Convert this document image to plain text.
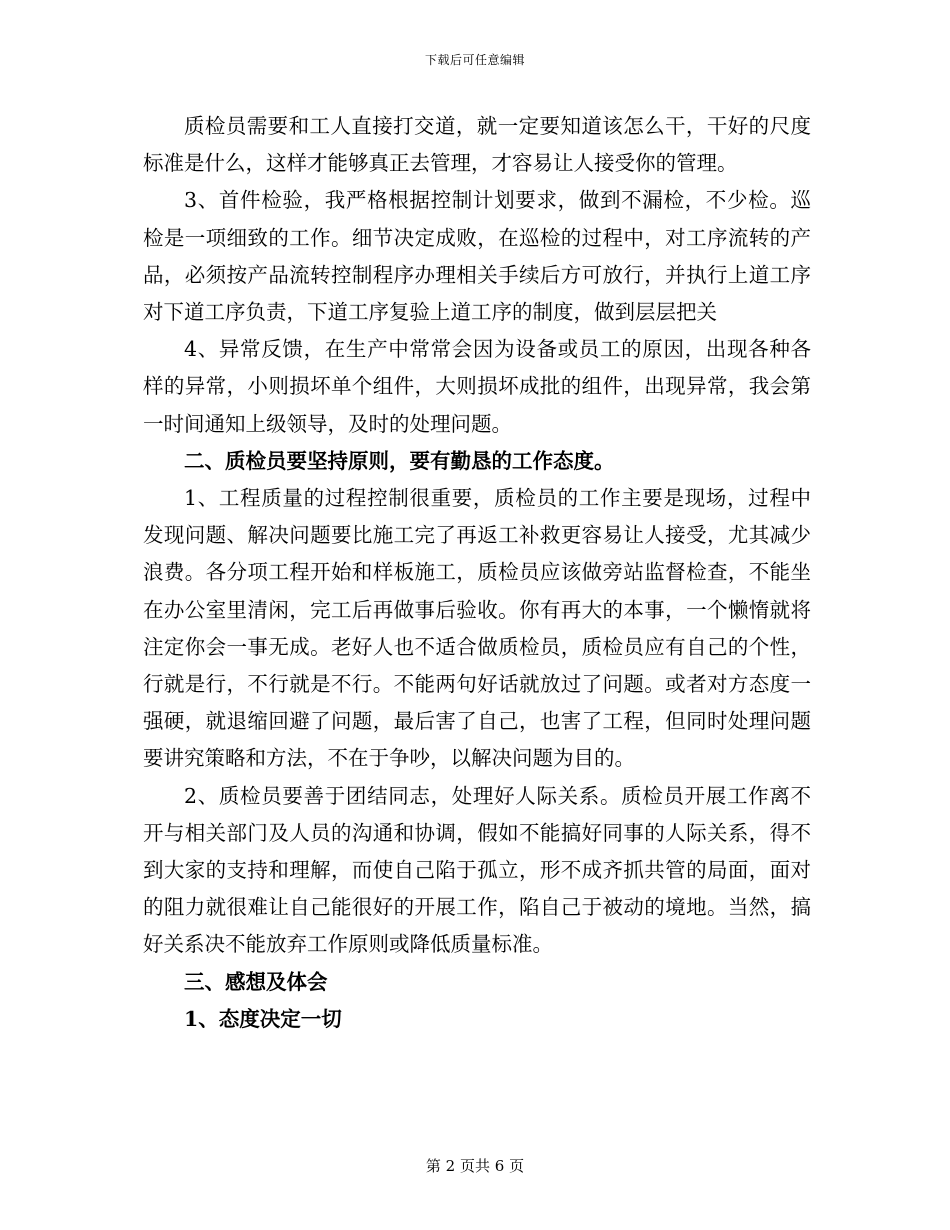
下载后可任意编辑

质检员需要和工人直接打交道，就一定要知道该怎么干，干好的尺度标准是什么，这样才能够真正去管理，才容易让人接受你的管理。

3、首件检验，我严格根据控制计划要求，做到不漏检，不少检。巡检是一项细致的工作。细节决定成败，在巡检的过程中，对工序流转的产品，必须按产品流转控制程序办理相关手续后方可放行，并执行上道工序对下道工序负责，下道工序复验上道工序的制度，做到层层把关

4、异常反馈，在生产中常常会因为设备或员工的原因，出现各种各样的异常，小则损坏单个组件，大则损坏成批的组件，出现异常，我会第一时间通知上级领导，及时的处理问题。

二、质检员要坚持原则，要有勤恳的工作态度。

1、工程质量的过程控制很重要，质检员的工作主要是现场，过程中发现问题、解决问题要比施工完了再返工补救更容易让人接受，尤其减少浪费。各分项工程开始和样板施工，质检员应该做旁站监督检查，不能坐在办公室里清闲，完工后再做事后验收。你有再大的本事，一个懒惰就将注定你会一事无成。老好人也不适合做质检员，质检员应有自己的个性，行就是行，不行就是不行。不能两句好话就放过了问题。或者对方态度一强硬，就退缩回避了问题，最后害了自己，也害了工程，但同时处理问题要讲究策略和方法，不在于争吵，以解决问题为目的。

2、质检员要善于团结同志，处理好人际关系。质检员开展工作离不开与相关部门及人员的沟通和协调，假如不能搞好同事的人际关系，得不到大家的支持和理解，而使自己陷于孤立，形不成齐抓共管的局面，面对的阻力就很难让自己能很好的开展工作，陷自己于被动的境地。当然，搞好关系决不能放弃工作原则或降低质量标准。

三、感想及体会

1、态度决定一切

第 2 页共 6 页
